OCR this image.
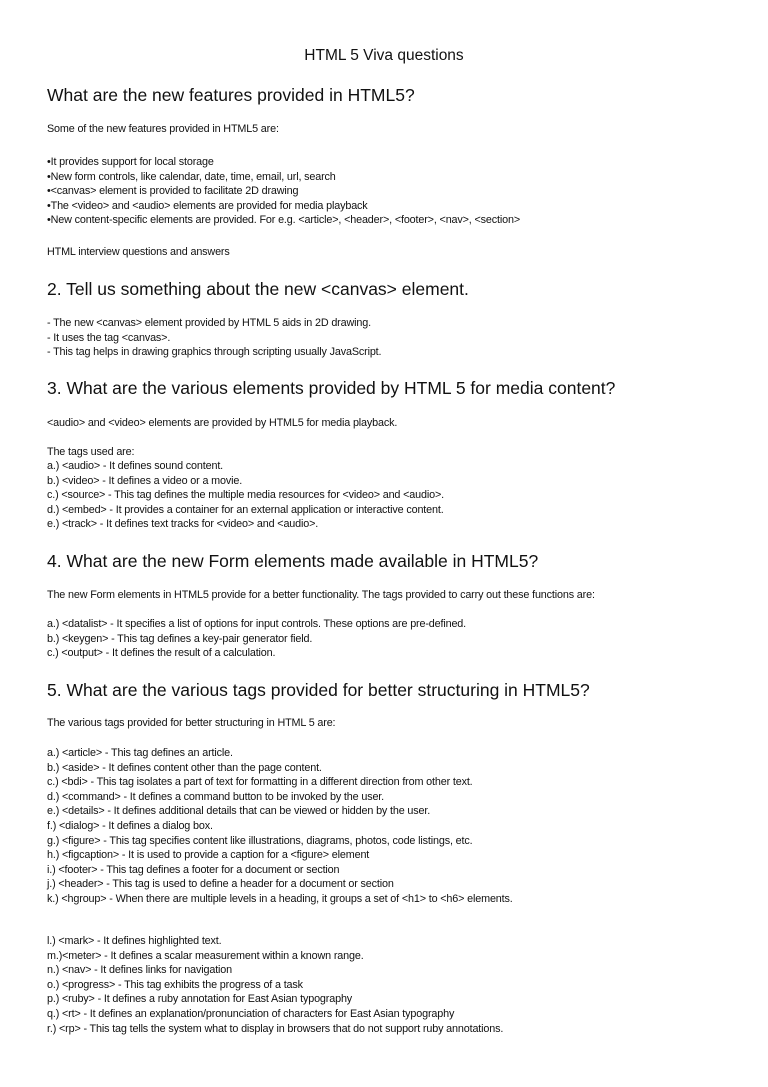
HTML 5 Viva questions
What are the new features provided in HTML5?
Some of the new features provided in HTML5 are:
•It provides support for local storage
•New form controls, like calendar, date, time, email, url, search
•<canvas> element is provided to facilitate 2D drawing
•The <video> and <audio> elements are provided for media playback
•New content-specific elements are provided. For e.g. <article>, <header>, <footer>, <nav>, <section>
HTML interview questions and answers
2. Tell us something about the new <canvas> element.
- The new <canvas> element provided by HTML 5 aids in 2D drawing.
- It uses the tag <canvas>.
- This tag helps in drawing graphics through scripting usually JavaScript.
3. What are the various elements provided by HTML 5 for media content?
<audio> and <video> elements are provided by HTML5 for media playback.
The tags used are:
a.) <audio> - It defines sound content.
b.) <video> - It defines a video or a movie.
c.) <source> - This tag defines the multiple media resources for <video> and <audio>.
d.) <embed> - It provides a container for an external application or interactive content.
e.) <track> - It defines text tracks for <video> and <audio>.
4. What are the new Form elements made available in HTML5?
The new Form elements in HTML5 provide for a better functionality. The tags provided to carry out these functions are:
a.) <datalist> - It specifies a list of options for input controls. These options are pre-defined.
b.) <keygen> - This tag defines a key-pair generator field.
c.) <output> - It defines the result of a calculation.
5. What are the various tags provided for better structuring in HTML5?
The various tags provided for better structuring in HTML 5 are:
a.) <article> - This tag defines an article.
b.) <aside> - It defines content other than the page content.
c.) <bdi> - This tag isolates a part of text for formatting in a different direction from other text.
d.) <command> - It defines a command button to be invoked by the user.
e.) <details> - It defines additional details that can be viewed or hidden by the user.
f.) <dialog> - It defines a dialog box.
g.) <figure> - This tag specifies content like illustrations, diagrams, photos, code listings, etc.
h.) <figcaption> - It is used to provide a caption for a <figure> element
i.) <footer> - This tag defines a footer for a document or section
j.) <header> - This tag is used to define a header for a document or section
k.) <hgroup> - When there are multiple levels in a heading, it groups a set of <h1> to <h6> elements.
l.) <mark> - It defines highlighted text.
m.)<meter> - It defines a scalar measurement within a known range.
n.) <nav> - It defines links for navigation
o.) <progress> - This tag exhibits the progress of a task
p.) <ruby> - It defines a ruby annotation for East Asian typography
q.) <rt> - It defines an explanation/pronunciation of characters for East Asian typography
r.) <rp> - This tag tells the system what to display in browsers that do not support ruby annotations.
